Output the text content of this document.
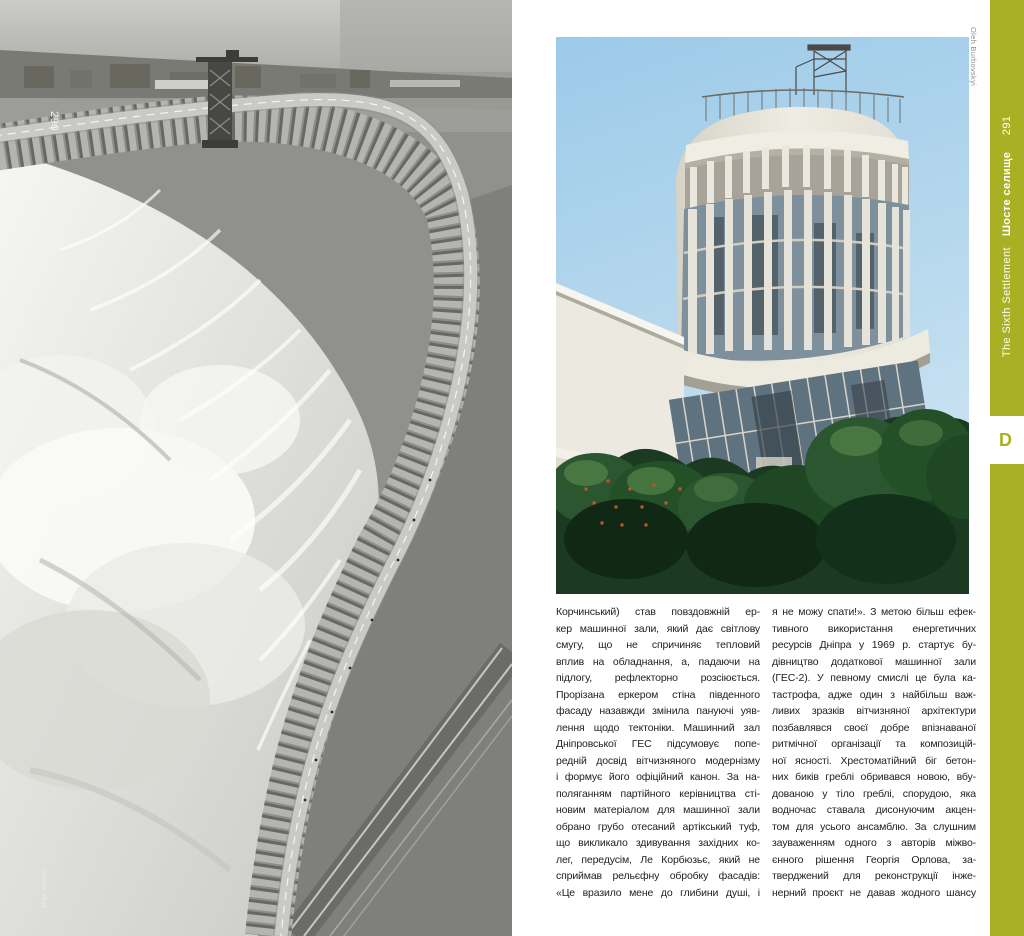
290
Max Alpert
Oleh Burbovskyi
Корчинський) став повздовжній ер-
кер машинної зали, який дає світлову
смугу, що не спричиняє тепловий
вплив на обладнання, а, падаючи на
підлогу, рефлекторно розсіюється.
Прорізана еркером стіна південного
фасаду назавжди змінила пануючі уяв-
лення щодо тектоніки. Машинний зал
Дніпровської ГЕС підсумовує попе-
редній досвід вітчизняного модернізму
і формує його офіційний канон. За на-
поляганням партійного керівництва сті-
новим матеріалом для машинної зали
обрано грубо отесаний артікський туф,
що викликало здивування західних ко-
лег, передусім, Ле Корбюзьє, який не
сприймав рельєфну обробку фасадів:
«Це вразило мене до глибини душі, і
я не можу спати!». З метою більш ефек-
тивного використання енергетичних
ресурсів Дніпра у 1969 р. стартує бу-
дівництво додаткової машинної зали
(ГЕС-2). У певному смислі це була ка-
тастрофа, адже один з найбільш важ-
ливих зразків вітчизняної архітектури
позбавлявся своєї добре впізнаваної
ритмічної організації та композицій-
ної ясності. Хрестоматійний біг бетон-
них биків греблі обривався новою, вбу-
дованою у тіло греблі, спорудою, яка
водночас ставала дисонуючим акцен-
том для усього ансамблю. За слушним
зауваженням одного з авторів міжво-
єнного рішення Георгія Орлова, за-
тверджений для реконструкції інже-
нерний проєкт не давав жодного шансу
The Sixth Settlement
Шосте селище
291
D
